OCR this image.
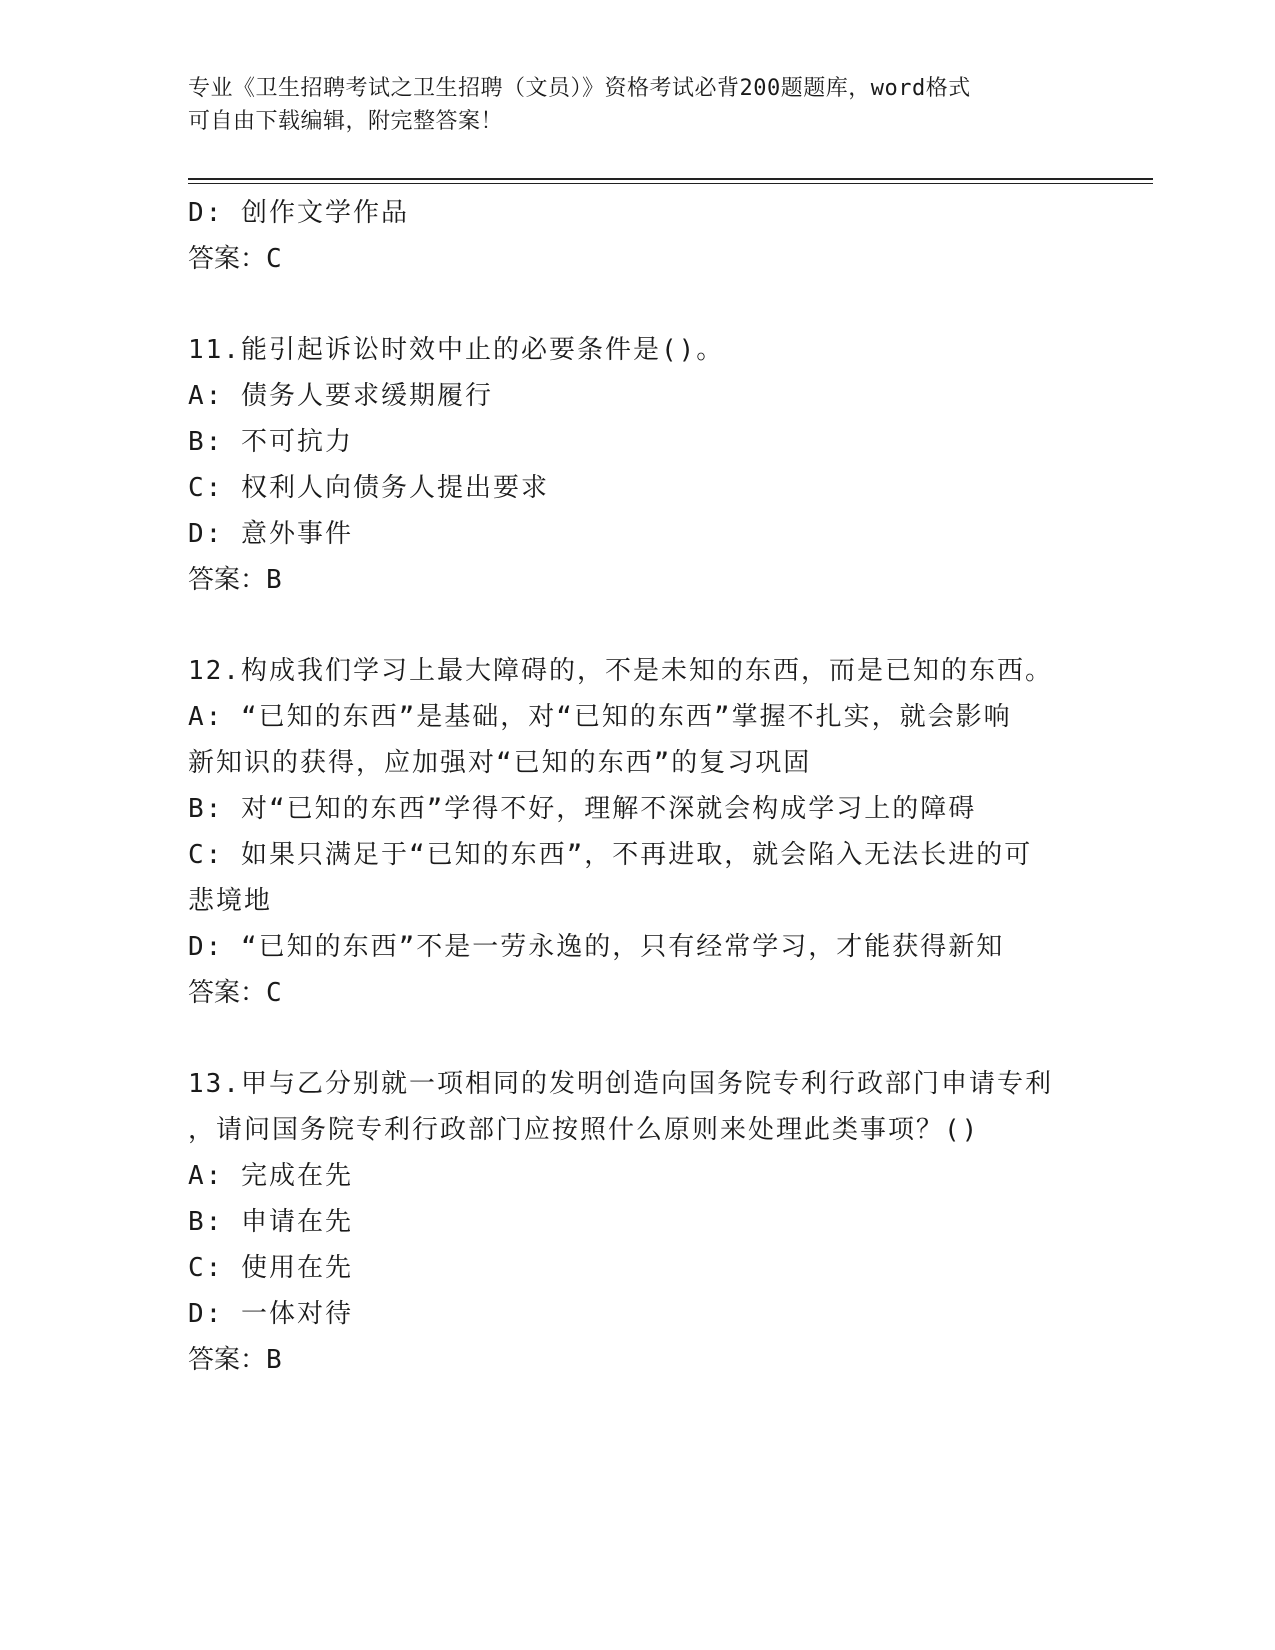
专业《卫生招聘考试之卫生招聘（文员）》资格考试必背200题题库，word格式
可自由下载编辑，附完整答案！
D: 创作文学作品
答案：C
11.能引起诉讼时效中止的必要条件是()。
A: 债务人要求缓期履行
B: 不可抗力
C: 权利人向债务人提出要求
D: 意外事件
答案：B
12.构成我们学习上最大障碍的，不是未知的东西，而是已知的东西。
A: “已知的东西”是基础，对“已知的东西”掌握不扎实，就会影响
新知识的获得，应加强对“已知的东西”的复习巩固
B: 对“已知的东西”学得不好，理解不深就会构成学习上的障碍
C: 如果只满足于“已知的东西”，不再进取，就会陷入无法长进的可
悲境地
D: “已知的东西”不是一劳永逸的，只有经常学习，才能获得新知
答案：C
13.甲与乙分别就一项相同的发明创造向国务院专利行政部门申请专利
，请问国务院专利行政部门应按照什么原则来处理此类事项？()
A: 完成在先
B: 申请在先
C: 使用在先
D: 一体对待
答案：B
